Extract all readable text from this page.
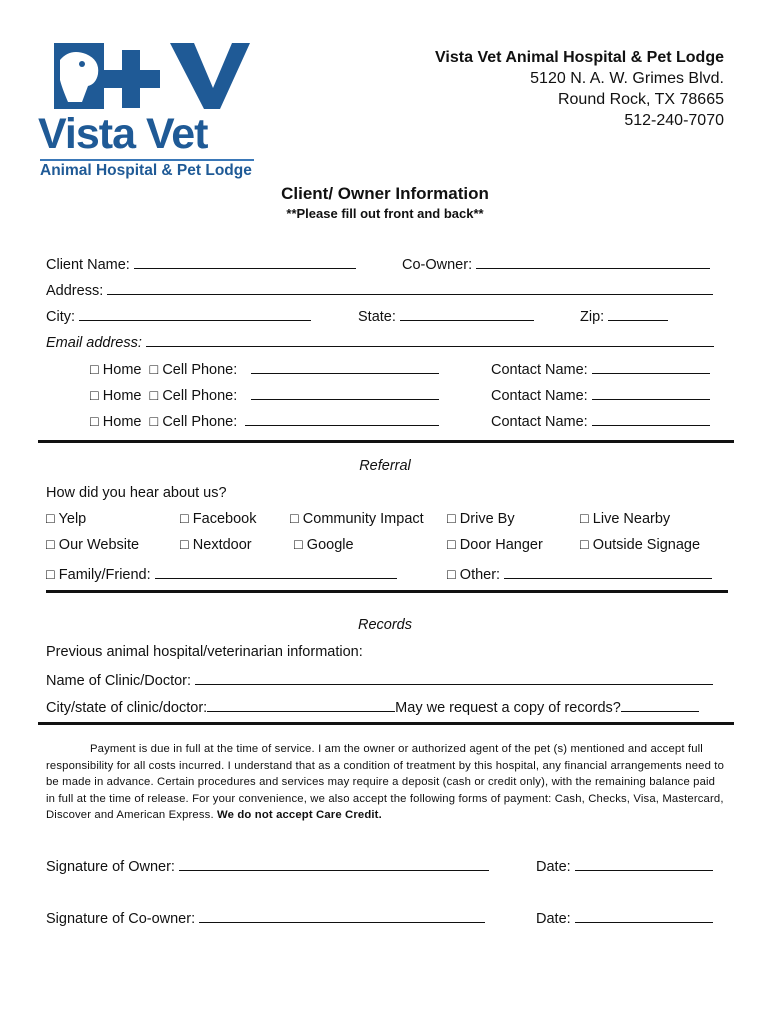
Vista Vet
Animal Hospital & Pet Lodge
Vista Vet Animal Hospital & Pet Lodge
5120 N. A. W. Grimes Blvd.
Round Rock, TX 78665
512-240-7070
Client/ Owner Information
**Please fill out front and back**
Client Name:	Co-Owner:
Address:
City:	State:	Zip:
Email address:
□ Home □ Cell Phone:	Contact Name:
□ Home □ Cell Phone:	Contact Name:
□ Home □ Cell Phone:	Contact Name:
Referral
How did you hear about us?
□ Yelp	□ Facebook □ Community Impact □ Drive By	□ Live Nearby
□ Our Website	□ Nextdoor	□ Google	□ Door Hanger	□ Outside Signage
□ Family/Friend:	□ Other:
Records
Previous animal hospital/veterinarian information:
Name of Clinic/Doctor:
City/state of clinic/doctor:	May we request a copy of records?
Payment is due in full at the time of service. I am the owner or authorized agent of the pet (s) mentioned and accept full responsibility for all costs incurred. I understand that as a condition of treatment by this hospital, any financial arrangements need to be made in advance. Certain procedures and services may require a deposit (cash or credit only), with the remaining balance paid in full at the time of release. For your convenience, we also accept the following forms of payment: Cash, Checks, Visa, Mastercard, Discover and American Express. We do not accept Care Credit.
Signature of Owner:	Date:
Signature of Co-owner:	Date:
